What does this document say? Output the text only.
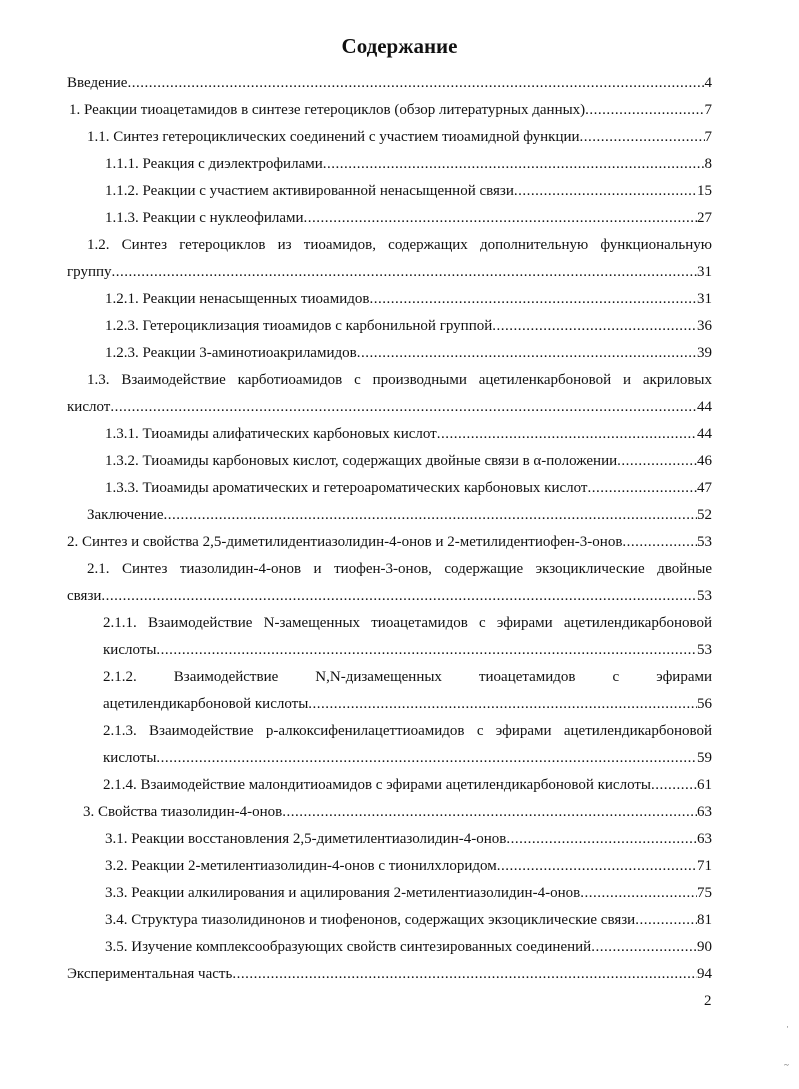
Содержание
Введение .....	4
1. Реакции тиоацетамидов в синтезе гетероциклов (обзор литературных данных) .....	7
1.1. Синтез гетероциклических соединений с участием тиоамидной функции .....	7
1.1.1. Реакция с диэлектрофилами .....	8
1.1.2. Реакции с участием активированной ненасыщенной связи .....	15
1.1.3. Реакции с нуклеофилами .....	27
1.2. Синтез гетероциклов из тиоамидов, содержащих дополнительную функциональную
группу .....	31
1.2.1. Реакции ненасыщенных тиоамидов .....	31
1.2.3. Гетероциклизация тиоамидов с карбонильной группой .....	36
1.2.3. Реакции 3-аминотиоакриламидов .....	39
1.3. Взаимодействие карботиоамидов с производными ацетиленкарбоновой и акриловых
кислот .....	44
1.3.1. Тиоамиды алифатических карбоновых кислот .....	44
1.3.2. Тиоамиды карбоновых кислот, содержащих двойные связи в α-положении .....	46
1.3.3. Тиоамиды ароматических и гетероароматических карбоновых кислот .....	47
Заключение .....	52
2. Синтез и свойства 2,5-диметилидентиазолидин-4-онов и 2-метилидентиофен-3-онов .....	53
2.1. Синтез тиазолидин-4-онов и тиофен-3-онов, содержащие экзоциклические двойные
связи .....	53
2.1.1. Взаимодействие N-замещенных тиоацетамидов с эфирами ацетилендикарбоновой
кислоты .....	53
2.1.2. Взаимодействие N,N-дизамещенных тиоацетамидов с эфирами
ацетилендикарбоновой кислоты .....	56
2.1.3. Взаимодействие р-алкоксифенилацеттиоамидов с эфирами ацетилендикарбоновой
кислоты .....	59
2.1.4. Взаимодействие малондитиоамидов с эфирами ацетилендикарбоновой кислоты .....	61
3. Свойства тиазолидин-4-онов .....	63
3.1. Реакции восстановления 2,5-диметилентиазолидин-4-онов .....	63
3.2. Реакции 2-метилентиазолидин-4-онов с тионилхлоридом .....	71
3.3. Реакции алкилирования и ацилирования 2-метилентиазолидин-4-онов .....	75
3.4. Структура тиазолидинонов и тиофенонов, содержащих экзоциклические связи .....	81
3.5. Изучение комплексообразующих свойств синтезированных соединений .....	90
Экспериментальная часть .....	94
2
·
~
